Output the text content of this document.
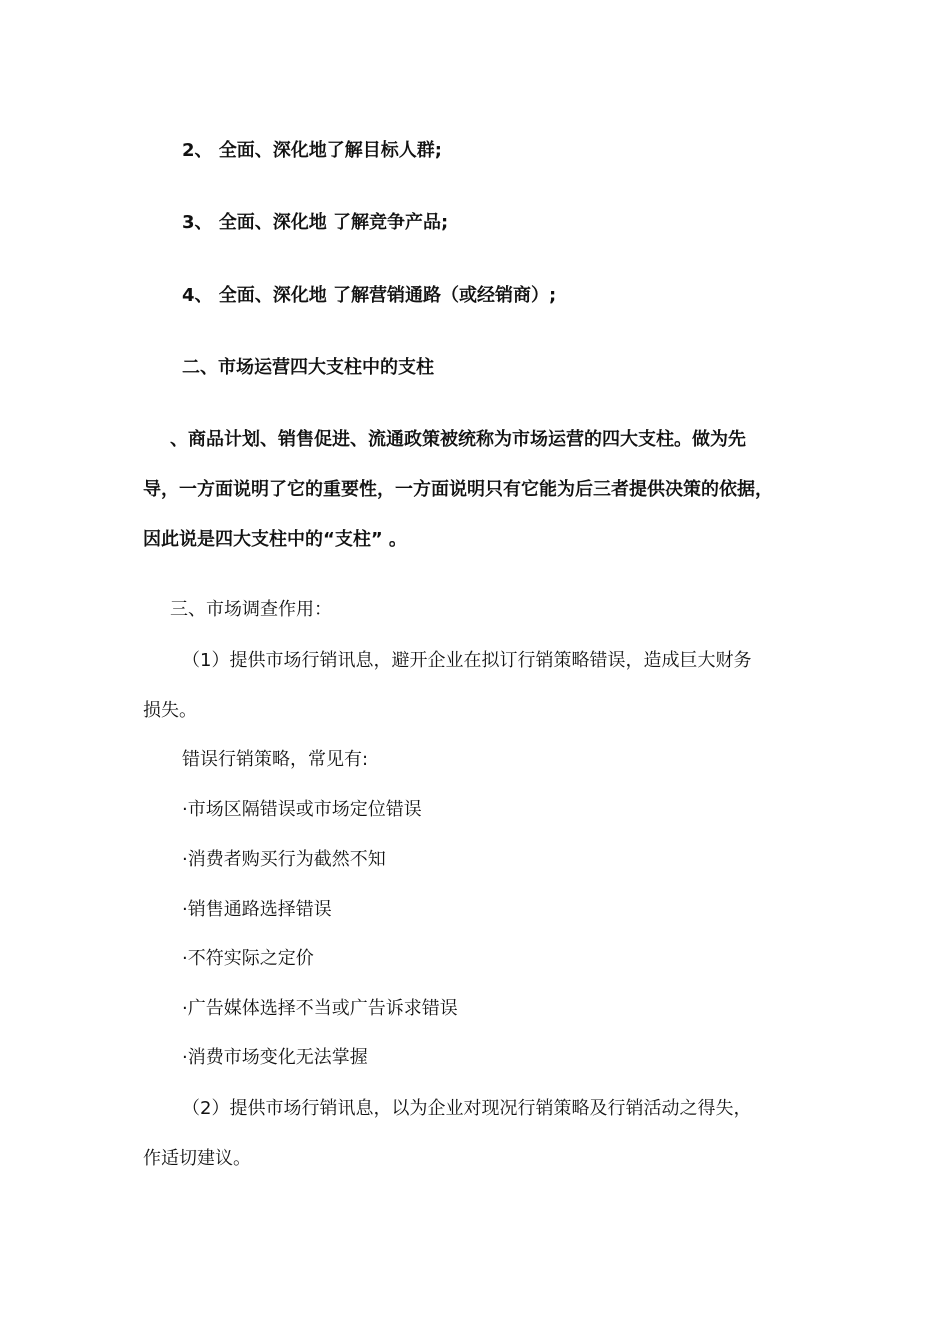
2、 全面、深化地了解目标人群;
3、 全面、深化地 了解竞争产品;
4、 全面、深化地 了解营销通路（或经销商）;
二、市场运营四大支柱中的支柱
、商品计划、销售促进、流通政策被统称为市场运营的四大支柱。做为先
导，一方面说明了它的重要性，一方面说明只有它能为后三者提供决策的依据，
因此说是四大支柱中的“支柱” 。
三、市场调查作用：
（1）提供市场行销讯息，避开企业在拟订行销策略错误，造成巨大财务
损失。
错误行销策略，常见有:
·市场区隔错误或市场定位错误
·消费者购买行为截然不知
·销售通路选择错误
·不符实际之定价
·广告媒体选择不当或广告诉求错误
·消费市场变化无法掌握
（2）提供市场行销讯息，以为企业对现况行销策略及行销活动之得失，
作适切建议。
